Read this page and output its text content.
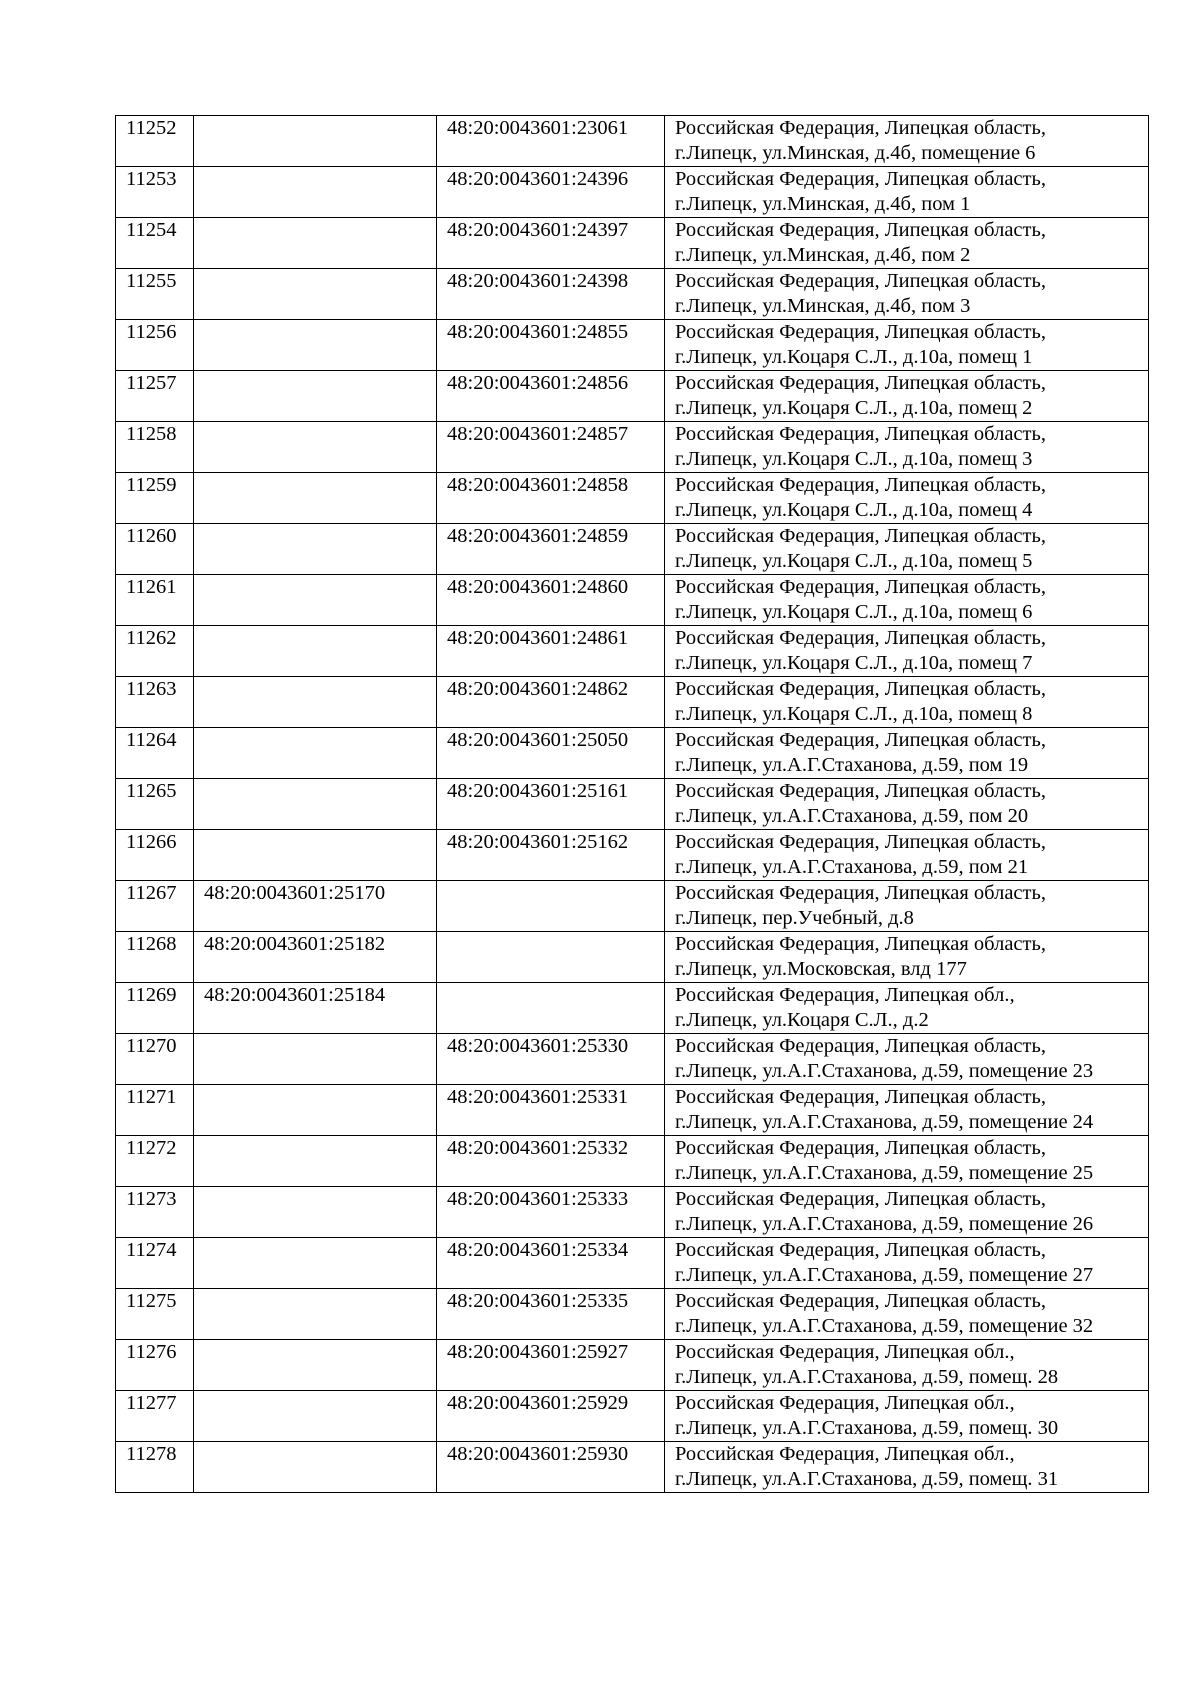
11252		48:20:0043601:23061	Российская Федерация, Липецкая область,
г.Липецк, ул.Минская, д.4б, помещение 6

11253		48:20:0043601:24396	Российская Федерация, Липецкая область,
г.Липецк, ул.Минская, д.4б, пом 1

11254		48:20:0043601:24397	Российская Федерация, Липецкая область,
г.Липецк, ул.Минская, д.4б, пом 2

11255		48:20:0043601:24398	Российская Федерация, Липецкая область,
г.Липецк, ул.Минская, д.4б, пом 3

11256		48:20:0043601:24855	Российская Федерация, Липецкая область,
г.Липецк, ул.Коцаря С.Л., д.10а, помещ 1

11257		48:20:0043601:24856	Российская Федерация, Липецкая область,
г.Липецк, ул.Коцаря С.Л., д.10а, помещ 2

11258		48:20:0043601:24857	Российская Федерация, Липецкая область,
г.Липецк, ул.Коцаря С.Л., д.10а, помещ 3

11259		48:20:0043601:24858	Российская Федерация, Липецкая область,
г.Липецк, ул.Коцаря С.Л., д.10а, помещ 4

11260		48:20:0043601:24859	Российская Федерация, Липецкая область,
г.Липецк, ул.Коцаря С.Л., д.10а, помещ 5

11261		48:20:0043601:24860	Российская Федерация, Липецкая область,
г.Липецк, ул.Коцаря С.Л., д.10а, помещ 6

11262		48:20:0043601:24861	Российская Федерация, Липецкая область,
г.Липецк, ул.Коцаря С.Л., д.10а, помещ 7

11263		48:20:0043601:24862	Российская Федерация, Липецкая область,
г.Липецк, ул.Коцаря С.Л., д.10а, помещ 8

11264		48:20:0043601:25050	Российская Федерация, Липецкая область,
г.Липецк, ул.А.Г.Стаханова, д.59, пом 19

11265		48:20:0043601:25161	Российская Федерация, Липецкая область,
г.Липецк, ул.А.Г.Стаханова, д.59, пом 20

11266		48:20:0043601:25162	Российская Федерация, Липецкая область,
г.Липецк, ул.А.Г.Стаханова, д.59, пом 21

11267	48:20:0043601:25170		Российская Федерация, Липецкая область,
г.Липецк, пер.Учебный, д.8

11268	48:20:0043601:25182		Российская Федерация, Липецкая область,
г.Липецк, ул.Московская, влд 177

11269	48:20:0043601:25184		Российская Федерация, Липецкая обл.,
г.Липецк, ул.Коцаря С.Л., д.2

11270		48:20:0043601:25330	Российская Федерация, Липецкая область,
г.Липецк, ул.А.Г.Стаханова, д.59, помещение 23

11271		48:20:0043601:25331	Российская Федерация, Липецкая область,
г.Липецк, ул.А.Г.Стаханова, д.59, помещение 24

11272		48:20:0043601:25332	Российская Федерация, Липецкая область,
г.Липецк, ул.А.Г.Стаханова, д.59, помещение 25

11273		48:20:0043601:25333	Российская Федерация, Липецкая область,
г.Липецк, ул.А.Г.Стаханова, д.59, помещение 26

11274		48:20:0043601:25334	Российская Федерация, Липецкая область,
г.Липецк, ул.А.Г.Стаханова, д.59, помещение 27

11275		48:20:0043601:25335	Российская Федерация, Липецкая область,
г.Липецк, ул.А.Г.Стаханова, д.59, помещение 32

11276		48:20:0043601:25927	Российская Федерация, Липецкая обл.,
г.Липецк, ул.А.Г.Стаханова, д.59, помещ. 28

11277		48:20:0043601:25929	Российская Федерация, Липецкая обл.,
г.Липецк, ул.А.Г.Стаханова, д.59, помещ. 30

11278		48:20:0043601:25930	Российская Федерация, Липецкая обл.,
г.Липецк, ул.А.Г.Стаханова, д.59, помещ. 31
